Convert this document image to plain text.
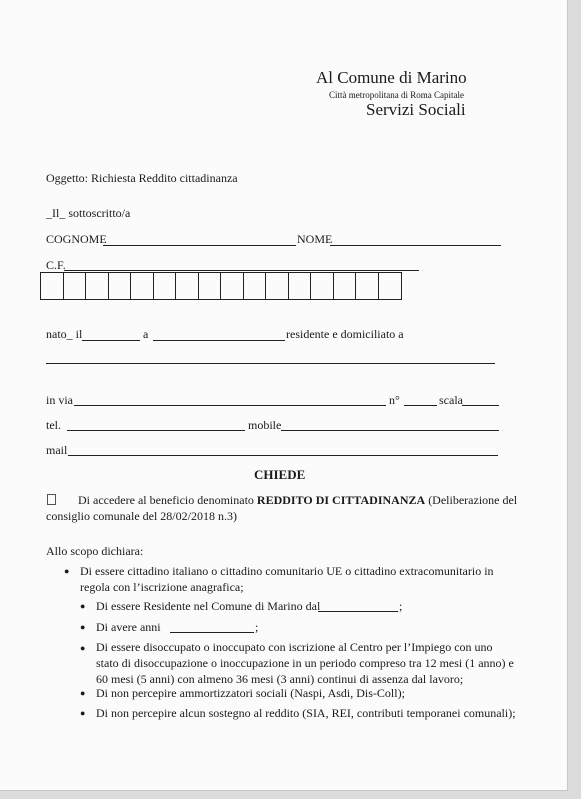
Al Comune di Marino
Città metropolitana di Roma Capitale
Servizi Sociali
Oggetto: Richiesta Reddito cittadinanza
_Il_ sottoscritto/a
COGNOME	NOME
C.F.
nato_ il	a	residente e domiciliato a
in via	n°	scala
tel.	mobile
mail
CHIEDE
Di accedere al beneficio denominato REDDITO DI CITTADINANZA (Deliberazione del
consiglio comunale del 28/02/2018 n.3)
Allo scopo dichiara:
● Di essere cittadino italiano o cittadino comunitario UE o cittadino extracomunitario in
regola con l’iscrizione anagrafica;
● Di essere Residente nel Comune di Marino dal	;
● Di avere anni	;
● Di essere disoccupato o inoccupato con iscrizione al Centro per l’Impiego con uno
stato di disoccupazione o inoccupazione in un periodo compreso tra 12 mesi (1 anno) e
60 mesi (5 anni) con almeno 36 mesi (3 anni) continui di assenza dal lavoro;
● Di non percepire ammortizzatori sociali (Naspi, Asdi, Dis-Coll);
● Di non percepire alcun sostegno al reddito (SIA, REI, contributi temporanei comunali);
